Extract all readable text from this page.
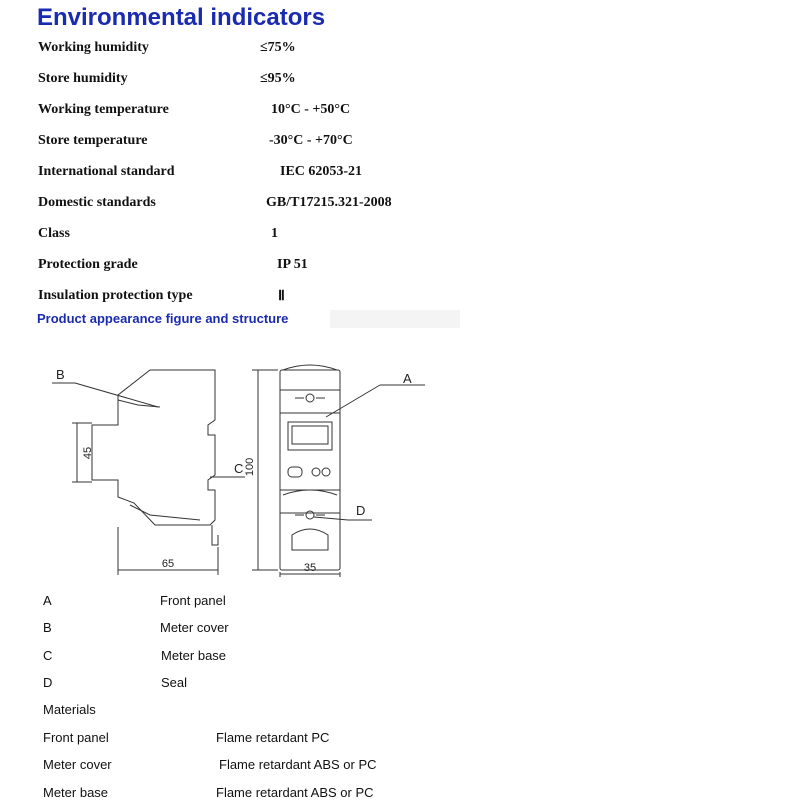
Environmental indicators
Working humidity	≤75%
Store humidity	≤95%
Working temperature	10°C - +50°C
Store temperature	-30°C - +70°C
International standard	IEC 62053-21
Domestic standards	GB/T17215.321-2008
Class	1
Protection grade	IP 51
Insulation protection type	Ⅱ
Product appearance figure and structure
B
C
A
D
45
100
65	35
A	Front panel
B	Meter cover
C	Meter base
D	Seal
Materials
Front panel	Flame retardant PC
Meter cover	Flame retardant ABS or PC
Meter base	Flame retardant ABS or PC
